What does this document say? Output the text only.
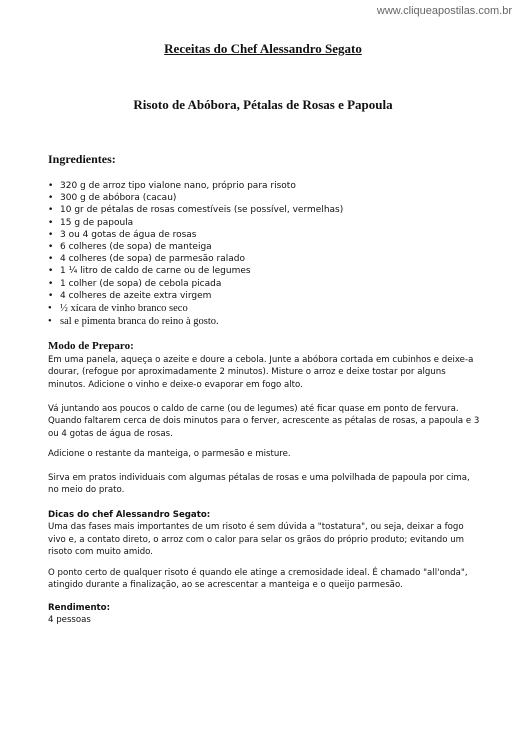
www.cliqueapostilas.com.br
Receitas do Chef Alessandro Segato
Risoto de Abóbora, Pétalas de Rosas e Papoula
Ingredientes:
• 320 g de arroz tipo vialone nano, próprio para risoto
• 300 g de abóbora (cacau)
• 10 gr de pétalas de rosas comestíveis (se possível, vermelhas)
• 15 g de papoula
• 3 ou 4 gotas de água de rosas
• 6 colheres (de sopa) de manteiga
• 4 colheres (de sopa) de parmesão ralado
• 1 ¼ litro de caldo de carne ou de legumes
• 1 colher (de sopa) de cebola picada
• 4 colheres de azeite extra virgem
• ½ xícara de vinho branco seco
• sal e pimenta branca do reino à gosto.
Modo de Preparo:

Em uma panela, aqueça o azeite e doure a cebola. Junte a abóbora cortada em cubinhos e deixe-a dourar, (refogue por aproximadamente 2 minutos). Misture o arroz e deixe tostar por alguns minutos. Adicione o vinho e deixe-o evaporar em fogo alto.

Vá juntando aos poucos o caldo de carne (ou de legumes) até ficar quase em ponto de fervura. Quando faltarem cerca de dois minutos para o ferver, acrescente as pétalas de rosas, a papoula e 3 ou 4 gotas de água de rosas.

Adicione o restante da manteiga, o parmesão e misture.

Sirva em pratos individuais com algumas pétalas de rosas e uma polvilhada de papoula por cima, no meio do prato.

Dicas do chef Alessandro Segato:

Uma das fases mais importantes de um risoto é sem dúvida a "tostatura", ou seja, deixar a fogo vivo e, a contato direto, o arroz com o calor para selar os grãos do próprio produto; evitando um risoto com muito amido.

O ponto certo de qualquer risoto é quando ele atinge a cremosidade ideal. É chamado "all'onda", atingido durante a finalização, ao se acrescentar a manteiga e o queijo parmesão.

Rendimento:

4 pessoas
